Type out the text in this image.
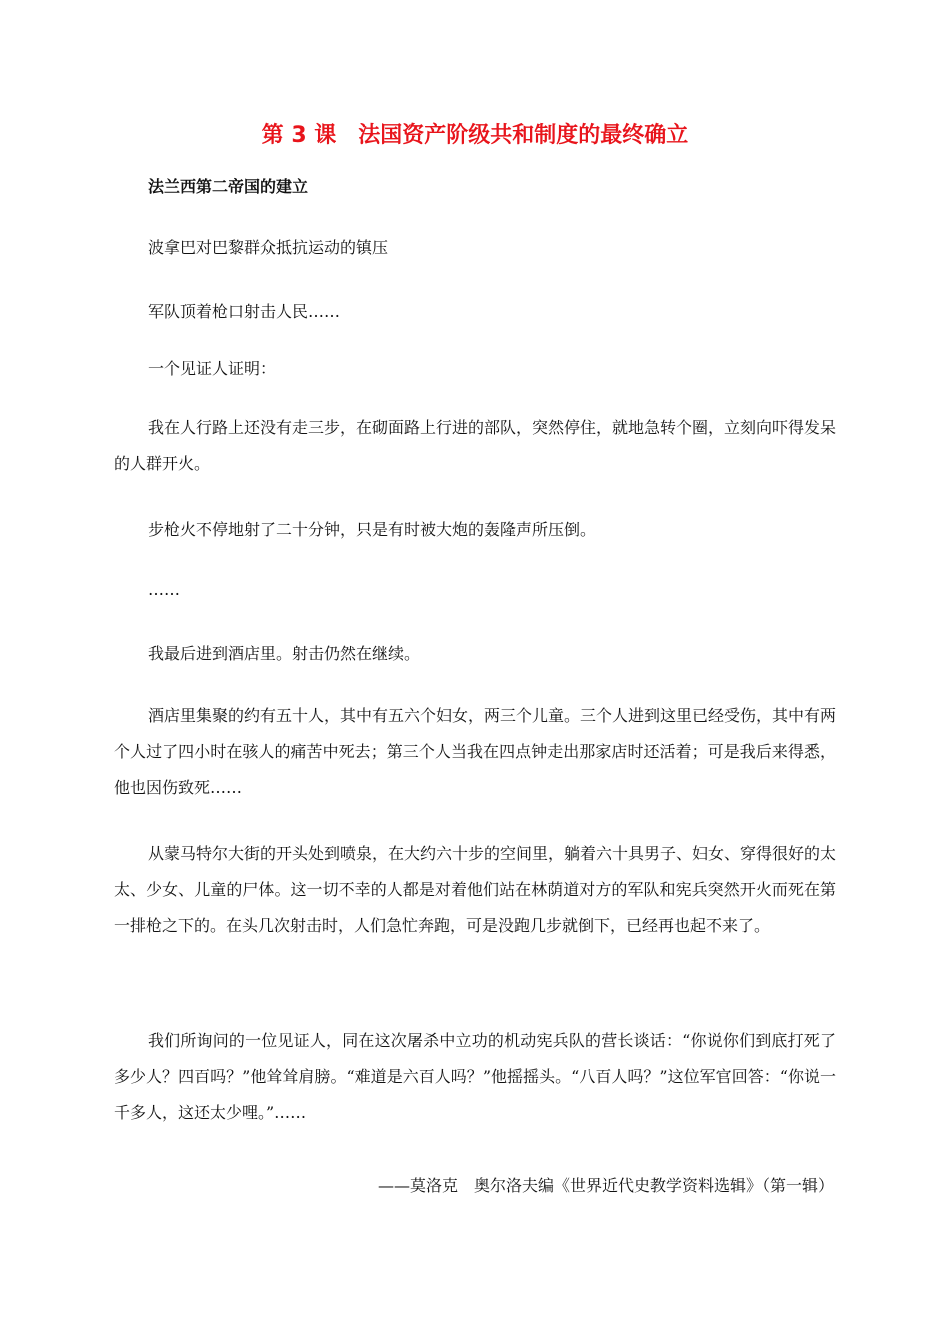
第 3 课　法国资产阶级共和制度的最终确立
法兰西第二帝国的建立

波拿巴对巴黎群众抵抗运动的镇压

军队顶着枪口射击人民……

一个见证人证明：

我在人行路上还没有走三步，在砌面路上行进的部队，突然停住，就地急转个圈，立刻向吓得发呆的人群开火。

步枪火不停地射了二十分钟，只是有时被大炮的轰隆声所压倒。

……

我最后进到酒店里。射击仍然在继续。

酒店里集聚的约有五十人，其中有五六个妇女，两三个儿童。三个人进到这里已经受伤，其中有两个人过了四小时在骇人的痛苦中死去；第三个人当我在四点钟走出那家店时还活着；可是我后来得悉，他也因伤致死……

从蒙马特尔大街的开头处到喷泉，在大约六十步的空间里，躺着六十具男子、妇女、穿得很好的太太、少女、儿童的尸体。这一切不幸的人都是对着他们站在林荫道对方的军队和宪兵突然开火而死在第一排枪之下的。在头几次射击时，人们急忙奔跑，可是没跑几步就倒下，已经再也起不来了。

我们所询问的一位见证人，同在这次屠杀中立功的机动宪兵队的营长谈话：“你说你们到底打死了多少人？四百吗？”他耸耸肩膀。“难道是六百人吗？”他摇摇头。“八百人吗？”这位军官回答：“你说一千多人，这还太少哩。”……

——莫洛克　奥尔洛夫编《世界近代史教学资料选辑》（第一辑）
